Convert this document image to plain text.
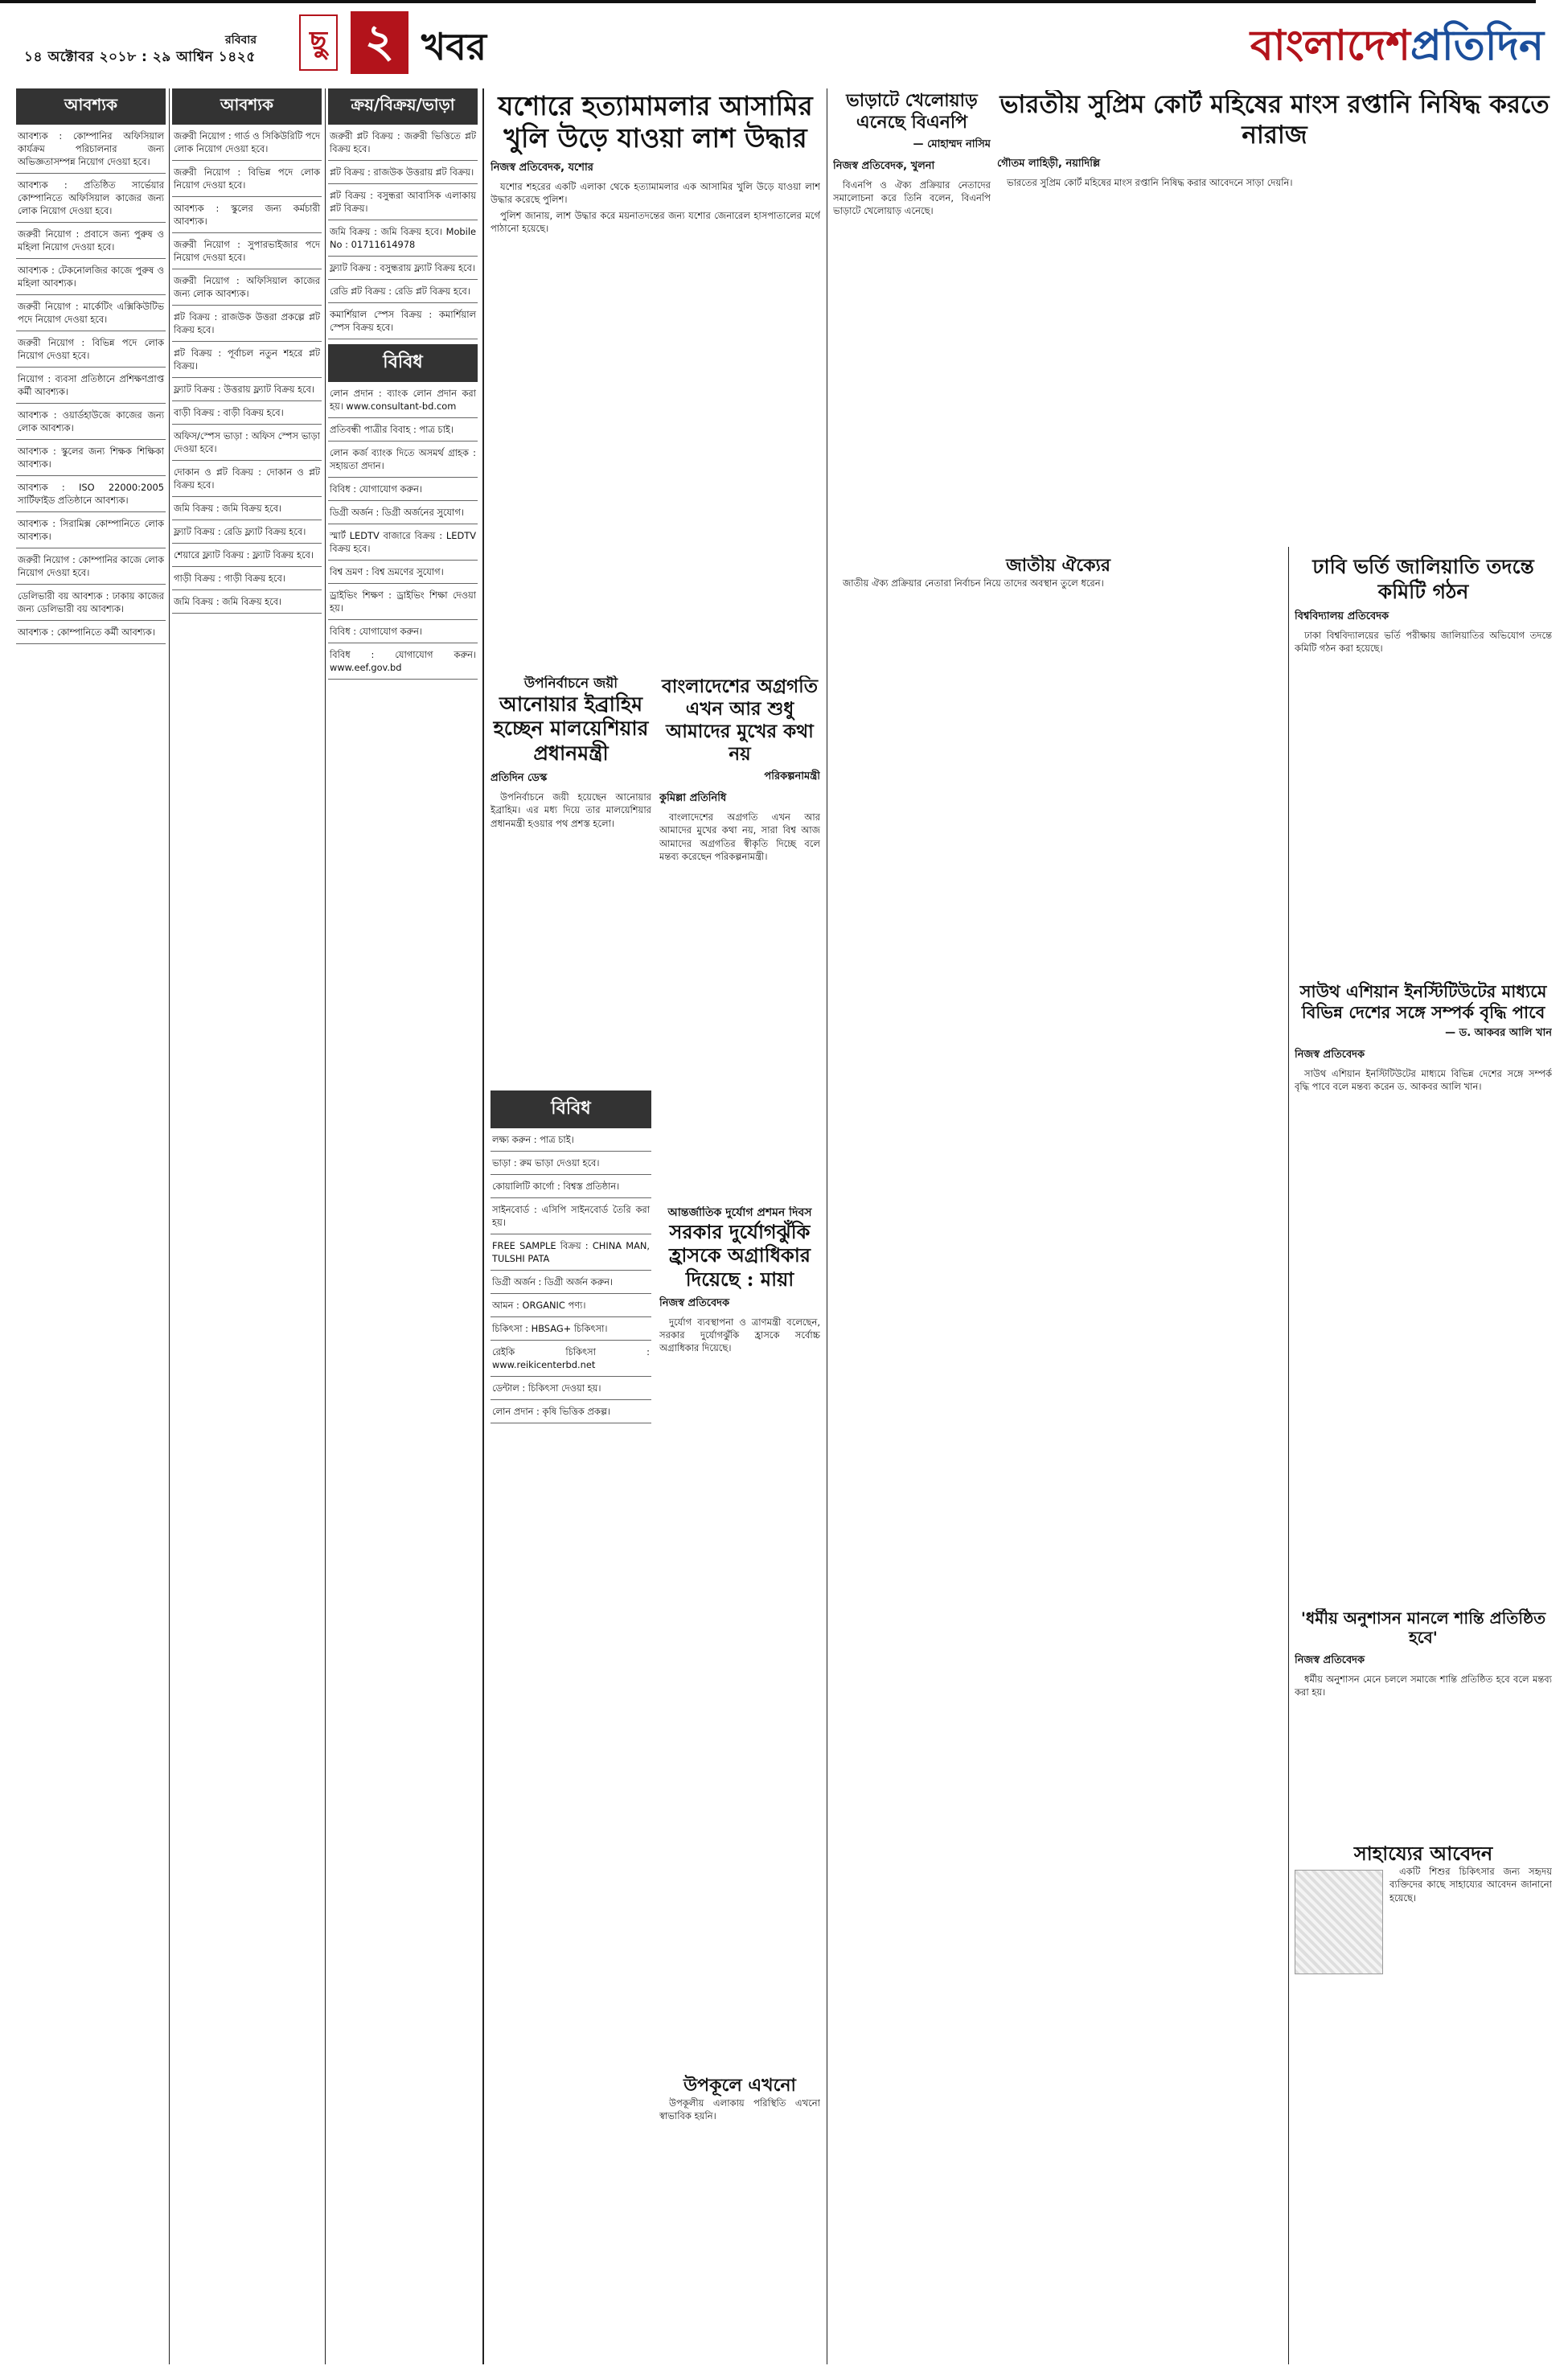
১৪ অক্টোবর ২০১৮ : ২৯ আশ্বিন ১৪২৫
রবিবার	ছু ২ খবর	বাংলাদেশপ্রতিদিন
আবশ্যক
আবশ্যক : কোম্পানির অফিসিয়াল কার্যক্রম পরিচালনার জন্য অভিজ্ঞতাসম্পন্ন নিয়োগ দেওয়া হবে।
আবশ্যক : প্রতিষ্ঠিত সার্ভেয়ার কোম্পানিতে অফিসিয়াল কাজের জন্য লোক নিয়োগ দেওয়া হবে।
জরুরী নিয়োগ : প্রবাসে জন্য পুরুষ ও মহিলা নিয়োগ দেওয়া হবে।
আবশ্যক : টেকনোলজির কাজে পুরুষ ও মহিলা আবশ্যক।
জরুরী নিয়োগ : মার্কেটিং এক্সিকিউটিভ পদে নিয়োগ দেওয়া হবে।
জরুরী নিয়োগ : বিভিন্ন পদে লোক নিয়োগ দেওয়া হবে।
নিয়োগ : ব্যবসা প্রতিষ্ঠানে প্রশিক্ষণপ্রাপ্ত কর্মী আবশ্যক।
আবশ্যক : ওয়ার্ডহাউজে কাজের জন্য লোক আবশ্যক।
আবশ্যক : স্কুলের জন্য শিক্ষক শিক্ষিকা আবশ্যক।
আবশ্যক : ISO 22000:2005 সার্টিফাইড প্রতিষ্ঠানে আবশ্যক।
আবশ্যক : সিরামিক্স কোম্পানিতে লোক আবশ্যক।
জরুরী নিয়োগ : কোম্পানির কাজে লোক নিয়োগ দেওয়া হবে।
ডেলিভারী বয় আবশ্যক : ঢাকায় কাজের জন্য ডেলিভারী বয় আবশ্যক।
আবশ্যক : কোম্পানিতে কর্মী আবশ্যক।
আবশ্যক
জরুরী নিয়োগ : গার্ড ও সিকিউরিটি পদে লোক নিয়োগ দেওয়া হবে।
জরুরী নিয়োগ : বিভিন্ন পদে লোক নিয়োগ দেওয়া হবে।
আবশ্যক : স্কুলের জন্য কর্মচারী আবশ্যক।
জরুরী নিয়োগ : সুপারভাইজার পদে নিয়োগ দেওয়া হবে।
জরুরী নিয়োগ : অফিসিয়াল কাজের জন্য লোক আবশ্যক।
প্লট বিক্রয় : রাজউক উত্তরা প্রকল্পে প্লট বিক্রয় হবে।
প্লট বিক্রয় : পূর্বাচল নতুন শহরে প্লট বিক্রয়।
ফ্ল্যাট বিক্রয় : উত্তরায় ফ্ল্যাট বিক্রয় হবে।
বাড়ী বিক্রয় : বাড়ী বিক্রয় হবে।
অফিস/স্পেস ভাড়া : অফিস স্পেস ভাড়া দেওয়া হবে।
দোকান ও প্লট বিক্রয় : দোকান ও প্লট বিক্রয় হবে।
জমি বিক্রয় : জমি বিক্রয় হবে।
ফ্ল্যাট বিক্রয় : রেডি ফ্ল্যাট বিক্রয় হবে।
শেয়ারে ফ্ল্যাট বিক্রয় : ফ্ল্যাট বিক্রয় হবে।
গাড়ী বিক্রয় : গাড়ী বিক্রয় হবে।
জমি বিক্রয় : জমি বিক্রয় হবে।
ক্রয়/বিক্রয়/ভাড়া
জরুরী প্লট বিক্রয় : জরুরী ভিত্তিতে প্লট বিক্রয় হবে।
প্লট বিক্রয় : রাজউক উত্তরায় প্লট বিক্রয়।
প্লট বিক্রয় : বসুন্ধরা আবাসিক এলাকায় প্লট বিক্রয়।
জমি বিক্রয় : জমি বিক্রয় হবে। Mobile No : 01711614978
ফ্ল্যাট বিক্রয় : বসুন্ধরায় ফ্ল্যাট বিক্রয় হবে।
রেডি প্লট বিক্রয় : রেডি প্লট বিক্রয় হবে।
কমার্শিয়াল স্পেস বিক্রয় : কমার্শিয়াল স্পেস বিক্রয় হবে।
বিবিধ
লোন প্রদান : ব্যাংক লোন প্রদান করা হয়। www.consultant-bd.com
প্রতিবন্ধী পাত্রীর বিবাহ : পাত্র চাই।
লোন কর্জ ব্যাংক দিতে অসমর্থ গ্রাহক : সহায়তা প্রদান।
বিবিধ : যোগাযোগ করুন।
ডিগ্রী অর্জন : ডিগ্রী অর্জনের সুযোগ।
স্মার্ট LEDTV বাজারে বিক্রয় : LEDTV বিক্রয় হবে।
বিশ্ব ভ্রমণ : বিশ্ব ভ্রমণের সুযোগ।
ড্রাইভিং শিক্ষণ : ড্রাইভিং শিক্ষা দেওয়া হয়।
বিবিধ : যোগাযোগ করুন।
বিবিধ : যোগাযোগ করুন। www.eef.gov.bd
যশোরে হত্যামামলার আসামির খুলি উড়ে যাওয়া লাশ উদ্ধার
নিজস্ব প্রতিবেদক, যশোর

যশোর শহরের একটি এলাকা থেকে হত্যামামলার এক আসামির খুলি উড়ে যাওয়া লাশ উদ্ধার করেছে পুলিশ।

পুলিশ জানায়, লাশ উদ্ধার করে ময়নাতদন্তের জন্য যশোর জেনারেল হাসপাতালের মর্গে পাঠানো হয়েছে।

উপনির্বাচনে জয়ী
আনোয়ার ইব্রাহিম হচ্ছেন মালয়েশিয়ার প্রধানমন্ত্রী
প্রতিদিন ডেস্ক

উপনির্বাচনে জয়ী হয়েছেন আনোয়ার ইব্রাহিম। এর মধ্য দিয়ে তার মালয়েশিয়ার প্রধানমন্ত্রী হওয়ার পথ প্রশস্ত হলো।

বাংলাদেশের অগ্রগতি এখন আর শুধু আমাদের মুখের কথা নয়
পরিকল্পনামন্ত্রী
কুমিল্লা প্রতিনিধি

বাংলাদেশের অগ্রগতি এখন আর আমাদের মুখের কথা নয়, সারা বিশ্ব আজ আমাদের অগ্রগতির স্বীকৃতি দিচ্ছে বলে মন্তব্য করেছেন পরিকল্পনামন্ত্রী।

বিবিধ
লক্ষ্য করুন : পাত্র চাই।
ভাড়া : রুম ভাড়া দেওয়া হবে।
কোয়ালিটি কার্গো : বিশ্বস্ত প্রতিষ্ঠান।
সাইনবোর্ড : এসিপি সাইনবোর্ড তৈরি করা হয়।
FREE SAMPLE বিক্রয় : CHINA MAN, TULSHI PATA
ডিগ্রী অর্জন : ডিগ্রী অর্জন করুন।
আমন : ORGANIC পণ্য।
চিকিৎসা : HBSAG+ চিকিৎসা।
রেইকি চিকিৎসা : www.reikicenterbd.net
ডেন্টাল : চিকিৎসা দেওয়া হয়।
লোন প্রদান : কৃষি ভিত্তিক প্রকল্প।
আন্তর্জাতিক দুর্যোগ প্রশমন দিবস
সরকার দুর্যোগঝুঁকি হ্রাসকে অগ্রাধিকার দিয়েছে : মায়া
নিজস্ব প্রতিবেদক

দুর্যোগ ব্যবস্থাপনা ও ত্রাণমন্ত্রী বলেছেন, সরকার দুর্যোগঝুঁকি হ্রাসকে সর্বোচ্চ অগ্রাধিকার দিয়েছে।

উপকূলে এখনো

উপকূলীয় এলাকায় পরিস্থিতি এখনো স্বাভাবিক হয়নি।

ভাড়াটে খেলোয়াড় এনেছে বিএনপি
— মোহাম্মদ নাসিম
নিজস্ব প্রতিবেদক, খুলনা

বিএনপি ও ঐক্য প্রক্রিয়ার নেতাদের সমালোচনা করে তিনি বলেন, বিএনপি ভাড়াটে খেলোয়াড় এনেছে।

ভারতীয় সুপ্রিম কোর্ট মহিষের মাংস রপ্তানি নিষিদ্ধ করতে নারাজ
গৌতম লাহিড়ী, নয়াদিল্লি

ভারতের সুপ্রিম কোর্ট মহিষের মাংস রপ্তানি নিষিদ্ধ করার আবেদনে সাড়া দেয়নি।

জাতীয় ঐক্যের

জাতীয় ঐক্য প্রক্রিয়ার নেতারা নির্বাচন নিয়ে তাদের অবস্থান তুলে ধরেন।

ঢাবি ভর্তি জালিয়াতি তদন্তে কমিটি গঠন
বিশ্ববিদ্যালয় প্রতিবেদক

ঢাকা বিশ্ববিদ্যালয়ের ভর্তি পরীক্ষায় জালিয়াতির অভিযোগ তদন্তে কমিটি গঠন করা হয়েছে।

সাউথ এশিয়ান ইনস্টিটিউটের মাধ্যমে বিভিন্ন দেশের সঙ্গে সম্পর্ক বৃদ্ধি পাবে
— ড. আকবর আলি খান
নিজস্ব প্রতিবেদক

সাউথ এশিয়ান ইনস্টিটিউটের মাধ্যমে বিভিন্ন দেশের সঙ্গে সম্পর্ক বৃদ্ধি পাবে বলে মন্তব্য করেন ড. আকবর আলি খান।

'ধর্মীয় অনুশাসন মানলে শান্তি প্রতিষ্ঠিত হবে'
নিজস্ব প্রতিবেদক

ধর্মীয় অনুশাসন মেনে চললে সমাজে শান্তি প্রতিষ্ঠিত হবে বলে মন্তব্য করা হয়।

সাহায্যের আবেদন

একটি শিশুর চিকিৎসার জন্য সহৃদয় ব্যক্তিদের কাছে সাহায্যের আবেদন জানানো হয়েছে।
